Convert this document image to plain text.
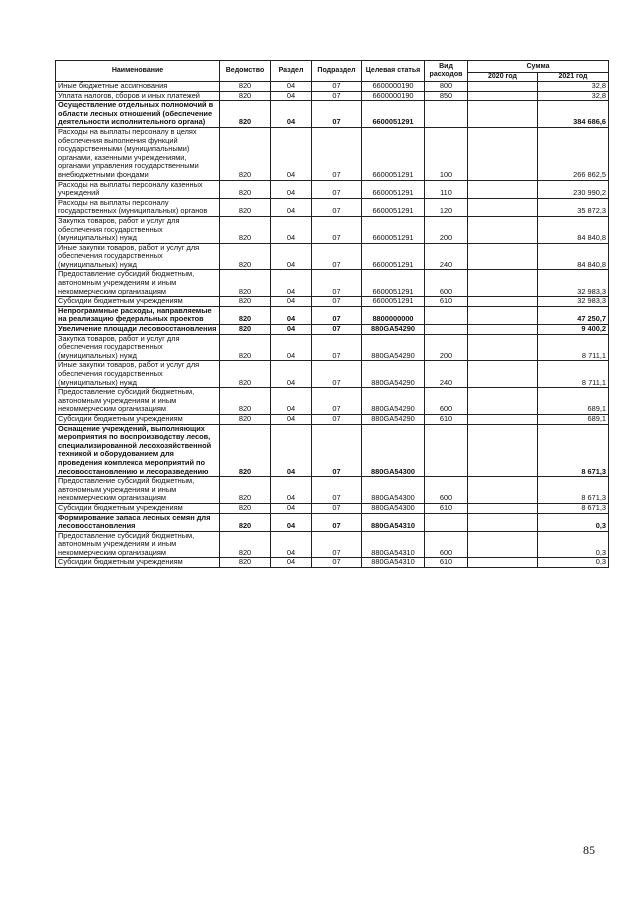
Наименование	Ведомство	Раздел	Подраздел	Целевая статья	Вид расходов	Сумма	
						2020 год	2021 год
Иные бюджетные ассигнования	820	04	07	6600000190	800		32,8
Уплата налогов, сборов и иных платежей	820	04	07	6600000190	850		32,8
Осуществление отдельных полномочий в области лесных отношений (обеспечение деятельности исполнительного органа)	820	04	07	6600051291			384 686,6
Расходы на выплаты персоналу в целях обеспечения выполнения функций государственными (муниципальными) органами, казенными учреждениями, органами управления государственными внебюджетными фондами	820	04	07	6600051291	100		266 862,5
Расходы на выплаты персоналу казенных учреждений	820	04	07	6600051291	110		230 990,2
Расходы на выплаты персоналу государственных (муниципальных) органов	820	04	07	6600051291	120		35 872,3
Закупка товаров, работ и услуг для обеспечения государственных (муниципальных) нужд	820	04	07	6600051291	200		84 840,8
Иные закупки товаров, работ и услуг для обеспечения государственных (муниципальных) нужд	820	04	07	6600051291	240		84 840,8
Предоставление субсидий бюджетным, автономным учреждениям и иным некоммерческим организациям	820	04	07	6600051291	600		32 983,3
Субсидии бюджетным учреждениям	820	04	07	6600051291	610		32 983,3
Непрограммные расходы, направляемые на реализацию федеральных проектов	820	04	07	8800000000			47 250,7
Увеличение площади лесовосстановления	820	04	07	880GA54290			9 400,2
Закупка товаров, работ и услуг для обеспечения государственных (муниципальных) нужд	820	04	07	880GA54290	200		8 711,1
Иные закупки товаров, работ и услуг для обеспечения государственных (муниципальных) нужд	820	04	07	880GA54290	240		8 711,1
Предоставление субсидий бюджетным, автономным учреждениям и иным некоммерческим организациям	820	04	07	880GA54290	600		689,1
Субсидии бюджетным учреждениям	820	04	07	880GA54290	610		689,1
Оснащение учреждений, выполняющих мероприятия по воспроизводству лесов, специализированной лесохозяйственной техникой и оборудованием для проведения комплекса мероприятий по лесовосстановлению и лесоразведению	820	04	07	880GA54300			8 671,3
Предоставление субсидий бюджетным, автономным учреждениям и иным некоммерческим организациям	820	04	07	880GA54300	600		8 671,3
Субсидии бюджетным учреждениям	820	04	07	880GA54300	610		8 671,3
Формирование запаса лесных семян для лесовосстановления	820	04	07	880GA54310			0,3
Предоставление субсидий бюджетным, автономным учреждениям и иным некоммерческим организациям	820	04	07	880GA54310	600		0,3
Субсидии бюджетным учреждениям	820	04	07	880GA54310	610		0,3
85
